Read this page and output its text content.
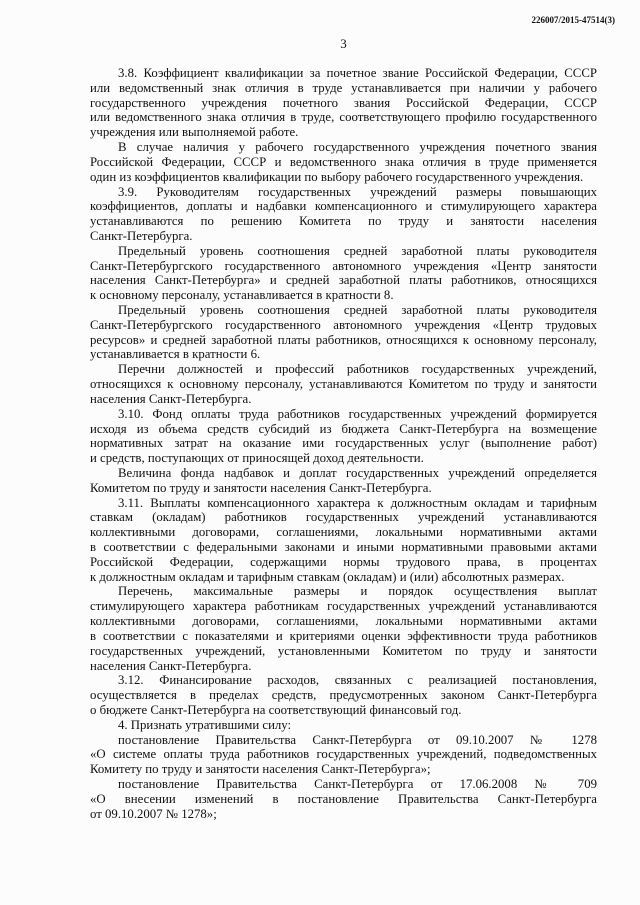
226007/2015-47514(3)
3
3.8. Коэффициент квалификации за почетное звание Российской Федерации, СССР
или ведомственный знак отличия в труде устанавливается при наличии у рабочего
государственного учреждения почетного звания Российской Федерации, СССР
или ведомственного знака отличия в труде, соответствующего профилю государственного
учреждения или выполняемой работе.
В случае наличия у рабочего государственного учреждения почетного звания
Российской Федерации, СССР и ведомственного знака отличия в труде применяется
один из коэффициентов квалификации по выбору рабочего государственного учреждения.
3.9. Руководителям государственных учреждений размеры повышающих
коэффициентов, доплаты и надбавки компенсационного и стимулирующего характера
устанавливаются по решению Комитета по труду и занятости населения
Санкт-Петербурга.
Предельный уровень соотношения средней заработной платы руководителя
Санкт-Петербургского государственного автономного учреждения «Центр занятости
населения Санкт-Петербурга» и средней заработной платы работников, относящихся
к основному персоналу, устанавливается в кратности 8.
Предельный уровень соотношения средней заработной платы руководителя
Санкт-Петербургского государственного автономного учреждения «Центр трудовых
ресурсов» и средней заработной платы работников, относящихся к основному персоналу,
устанавливается в кратности 6.
Перечни должностей и профессий работников государственных учреждений,
относящихся к основному персоналу, устанавливаются Комитетом по труду и занятости
населения Санкт-Петербурга.
3.10. Фонд оплаты труда работников государственных учреждений формируется
исходя из объема средств субсидий из бюджета Санкт-Петербурга на возмещение
нормативных затрат на оказание ими государственных услуг (выполнение работ)
и средств, поступающих от приносящей доход деятельности.
Величина фонда надбавок и доплат государственных учреждений определяется
Комитетом по труду и занятости населения Санкт-Петербурга.
3.11. Выплаты компенсационного характера к должностным окладам и тарифным
ставкам (окладам) работников государственных учреждений устанавливаются
коллективными договорами, соглашениями, локальными нормативными актами
в соответствии с федеральными законами и иными нормативными правовыми актами
Российской Федерации, содержащими нормы трудового права, в процентах
к должностным окладам и тарифным ставкам (окладам) и (или) абсолютных размерах.
Перечень, максимальные размеры и порядок осуществления выплат
стимулирующего характера работникам государственных учреждений устанавливаются
коллективными договорами, соглашениями, локальными нормативными актами
в соответствии с показателями и критериями оценки эффективности труда работников
государственных учреждений, установленными Комитетом по труду и занятости
населения Санкт-Петербурга.
3.12. Финансирование расходов, связанных с реализацией постановления,
осуществляется в пределах средств, предусмотренных законом Санкт-Петербурга
о бюджете Санкт-Петербурга на соответствующий финансовый год.
4. Признать утратившими силу:
постановление Правительства Санкт-Петербурга от 09.10.2007 № 1278
«О системе оплаты труда работников государственных учреждений, подведомственных
Комитету по труду и занятости населения Санкт-Петербурга»;
постановление Правительства Санкт-Петербурга от 17.06.2008 № 709
«О внесении изменений в постановление Правительства Санкт-Петербурга
от 09.10.2007 № 1278»;
